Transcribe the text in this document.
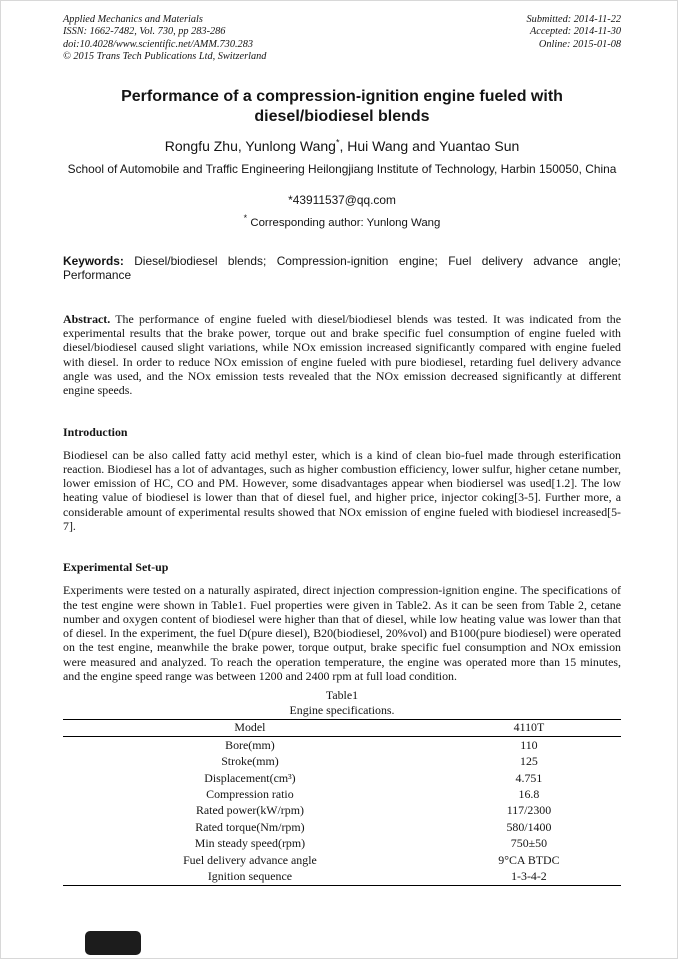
Applied Mechanics and Materials
ISSN: 1662-7482, Vol. 730, pp 283-286
doi:10.4028/www.scientific.net/AMM.730.283
© 2015 Trans Tech Publications Ltd, Switzerland
Submitted: 2014-11-22
Accepted: 2014-11-30
Online: 2015-01-08
Performance of a compression-ignition engine fueled with diesel/biodiesel blends
Rongfu Zhu, Yunlong Wang*, Hui Wang and Yuantao Sun
School of Automobile and Traffic Engineering Heilongjiang Institute of Technology, Harbin 150050, China
*43911537@qq.com
* Corresponding author: Yunlong Wang
Keywords: Diesel/biodiesel blends; Compression-ignition engine; Fuel delivery advance angle; Performance
Abstract. The performance of engine fueled with diesel/biodiesel blends was tested. It was indicated from the experimental results that the brake power, torque out and brake specific fuel consumption of engine fueled with diesel/biodiesel caused slight variations, while NOx emission increased significantly compared with engine fueled with diesel. In order to reduce NOx emission of engine fueled with pure biodiesel, retarding fuel delivery advance angle was used, and the NOx emission tests revealed that the NOx emission decreased significantly at different engine speeds.
Introduction
Biodiesel can be also called fatty acid methyl ester, which is a kind of clean bio-fuel made through esterification reaction. Biodiesel has a lot of advantages, such as higher combustion efficiency, lower sulfur, higher cetane number, lower emission of HC, CO and PM. However, some disadvantages appear when biodiersel was used[1.2]. The low heating value of biodiesel is lower than that of diesel fuel, and higher price, injector coking[3-5]. Further more, a considerable amount of experimental results showed that NOx emission of engine fueled with biodiesel increased[5-7].
Experimental Set-up
Experiments were tested on a naturally aspirated, direct injection compression-ignition engine. The specifications of the test engine were shown in Table1. Fuel properties were given in Table2. As it can be seen from Table 2, cetane number and oxygen content of biodiesel were higher than that of diesel, while low heating value was lower than that of diesel. In the experiment, the fuel D(pure diesel), B20(biodiesel, 20%vol) and B100(pure biodiesel) were operated on the test engine, meanwhile the brake power, torque output, brake specific fuel consumption and NOx emission were measured and analyzed. To reach the operation temperature, the engine was operated more than 15 minutes, and the engine speed range was between 1200 and 2400 rpm at full load condition.
Table1
Engine specifications.
Model	4110T
Bore(mm)	110
Stroke(mm)	125
Displacement(cm³)	4.751
Compression ratio	16.8
Rated power(kW/rpm)	117/2300
Rated torque(Nm/rpm)	580/1400
Min steady speed(rpm)	750±50
Fuel delivery advance angle	9°CA BTDC
Ignition sequence	1-3-4-2
